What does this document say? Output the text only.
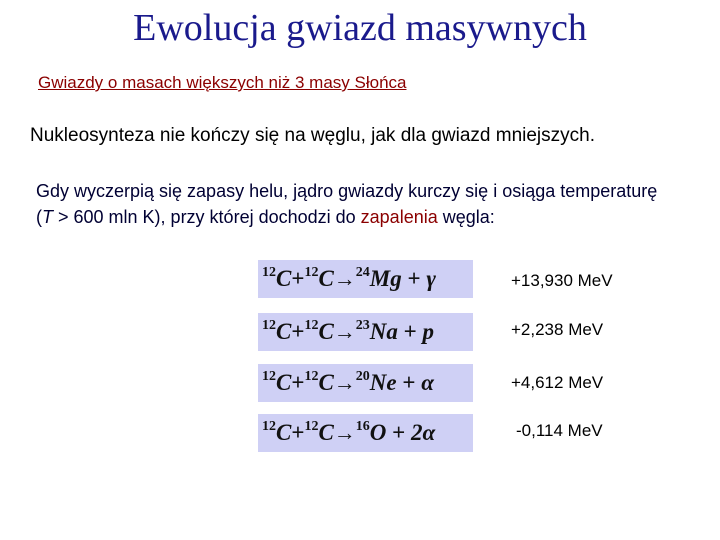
Ewolucja gwiazd masywnych
Gwiazdy o masach większych niż 3 masy Słońca
Nukleosynteza nie kończy się na węglu, jak dla gwiazd mniejszych.
Gdy wyczerpią się zapasy helu, jądro gwiazdy kurczy się i osiąga temperaturę (T > 600 mln K), przy której dochodzi do zapalenia węgla:
$^{12}$C+$^{12}$C→$^{24}$Mg + γ	+13,930 MeV
$^{12}$C+$^{12}$C→$^{23}$Na + p	+2,238 MeV
$^{12}$C+$^{12}$C→$^{20}$Ne + α	+4,612 MeV
$^{12}$C+$^{12}$C→$^{16}$O + 2α	-0,114 MeV
